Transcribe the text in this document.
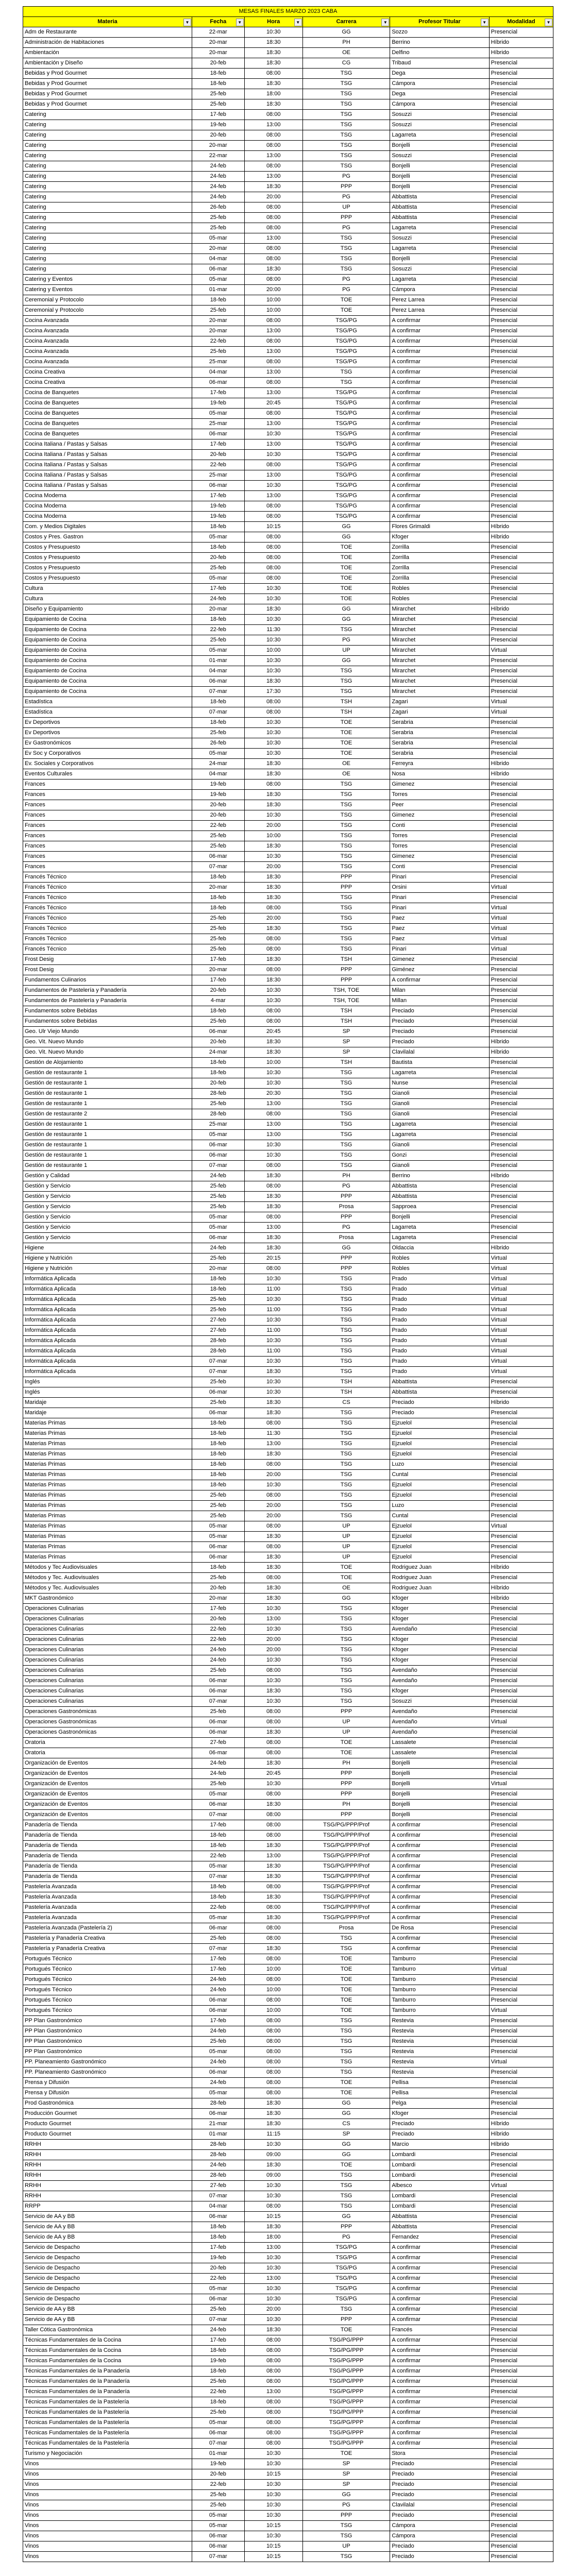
MESAS FINALES MARZO 2023 CABA					
Materia ▼	Fecha ▼	Hora ▼	Carrera ▼	Profesor Titular ▼	Modalidad ▼

Adm de Restaurante	22-mar	10:30	GG	Sozzo	Presencial
Administración de Habitaciones	20-mar	18:30	PH	Berrino	Híbrido
Ambientación	20-mar	18:30	OE	Delfino	Híbrido
Ambientación y Diseño	20-feb	18:30	CG	Tribaud	Presencial
Bebidas y Prod Gourmet	18-feb	08:00	TSG	Dega	Presencial
Bebidas y Prod Gourmet	18-feb	18:30	TSG	Cámpora	Presencial
Bebidas y Prod Gourmet	25-feb	18:00	TSG	Dega	Presencial
Bebidas y Prod Gourmet	25-feb	18:30	TSG	Cámpora	Presencial
Catering	17-feb	08:00	TSG	Sosuzzi	Presencial
Catering	19-feb	13:00	TSG	Sosuzzi	Presencial
Catering	20-feb	08:00	TSG	Lagarreta	Presencial
Catering	20-mar	08:00	TSG	Bonjelli	Presencial
Catering	22-mar	13:00	TSG	Sosuzzi	Presencial
Catering	24-feb	08:00	TSG	Bonjelli	Presencial
Catering	24-feb	13:00	PG	Bonjelli	Presencial
Catering	24-feb	18:30	PPP	Bonjelli	Presencial
Catering	24-feb	20:00	PG	Abbattista	Presencial
Catering	26-feb	08:00	UP	Abbattista	Presencial
Catering	25-feb	08:00	PPP	Abbattista	Presencial
Catering	25-feb	08:00	PG	Lagarreta	Presencial
Catering	05-mar	13:00	TSG	Sosuzzi	Presencial
Catering	20-mar	08:00	TSG	Lagarreta	Presencial
Catering	04-mar	08:00	TSG	Bonjelli	Presencial
Catering	06-mar	18:30	TSG	Sosuzzi	Presencial
Catering y Eventos	05-mar	08:00	PG	Lagarreta	Presencial
Catering y Eventos	01-mar	20:00	PG	Cámpora	Presencial
Ceremonial y Protocolo	18-feb	10:00	TOE	Perez Larrea	Presencial
Ceremonial y Protocolo	25-feb	10:00	TOE	Perez Larrea	Presencial
Cocina Avanzada	20-mar	08:00	TSG/PG	A confirmar	Presencial
Cocina Avanzada	20-mar	13:00	TSG/PG	A confirmar	Presencial
Cocina Avanzada	22-feb	08:00	TSG/PG	A confirmar	Presencial
Cocina Avanzada	25-feb	13:00	TSG/PG	A confirmar	Presencial
Cocina Avanzada	25-mar	08:00	TSG/PG	A confirmar	Presencial
Cocina Creativa	04-mar	13:00	TSG	A confirmar	Presencial
Cocina Creativa	06-mar	08:00	TSG	A confirmar	Presencial
Cocina de Banquetes	17-feb	13:00	TSG/PG	A confirmar	Presencial
Cocina de Banquetes	19-feb	20:45	TSG/PG	A confirmar	Presencial
Cocina de Banquetes	05-mar	08:00	TSG/PG	A confirmar	Presencial
Cocina de Banquetes	25-mar	13:00	TSG/PG	A confirmar	Presencial
Cocina de Banquetes	06-mar	10:30	TSG/PG	A confirmar	Presencial
Cocina Italiana / Pastas y Salsas	17-feb	13:00	TSG/PG	A confirmar	Presencial
Cocina Italiana / Pastas y Salsas	20-feb	10:30	TSG/PG	A confirmar	Presencial
Cocina Italiana / Pastas y Salsas	22-feb	08:00	TSG/PG	A confirmar	Presencial
Cocina Italiana / Pastas y Salsas	25-mar	13:00	TSG/PG	A confirmar	Presencial
Cocina Italiana / Pastas y Salsas	06-mar	10:30	TSG/PG	A confirmar	Presencial
Cocina Moderna	17-feb	13:00	TSG/PG	A confirmar	Presencial
Cocina Moderna	19-feb	08:00	TSG/PG	A confirmar	Presencial
Cocina Moderna	19-feb	08:00	TSG/PG	A confirmar	Presencial
Com. y Medios Digitales	18-feb	10:15	GG	Flores Grimaldi	Híbrido
Costos y Pres. Gastron	05-mar	08:00	GG	Kfoger	Híbrido
Costos y Presupuesto	18-feb	08:00	TOE	Zorrilla	Presencial
Costos y Presupuesto	20-feb	08:00	TOE	Zorrilla	Presencial
Costos y Presupuesto	25-feb	08:00	TOE	Zorrilla	Presencial
Costos y Presupuesto	05-mar	08:00	TOE	Zorrilla	Presencial
Cultura	17-feb	10:30	TOE	Robles	Presencial
Cultura	24-feb	10:30	TOE	Robles	Presencial
Diseño y Equipamiento	20-mar	18:30	GG	Mirarchet	Híbrido
Equipamiento de Cocina	18-feb	10:30	GG	Mirarchet	Presencial
Equipamiento de Cocina	22-feb	11:30	TSG	Mirarchet	Presencial
Equipamiento de Cocina	25-feb	10:30	PG	Mirarchet	Presencial
Equipamiento de Cocina	05-mar	10:00	UP	Mirarchet	Virtual
Equipamiento de Cocina	01-mar	10:30	GG	Mirarchet	Presencial
Equipamiento de Cocina	04-mar	10:30	TSG	Mirarchet	Presencial
Equipamiento de Cocina	06-mar	18:30	TSG	Mirarchet	Presencial
Equipamiento de Cocina	07-mar	17:30	TSG	Mirarchet	Presencial
Estadística	18-feb	08:00	TSH	Zagari	Virtual
Estadística	07-mar	08:00	TSH	Zagari	Virtual
Ev Deportivos	18-feb	10:30	TOE	Serabria	Presencial
Ev Deportivos	25-feb	10:30	TOE	Serabria	Presencial
Ev Gastronómicos	26-feb	10:30	TOE	Serabria	Presencial
Ev Soc y Corporativos	05-mar	10:30	TOE	Serabria	Presencial
Ev. Sociales y Corporativos	24-mar	18:30	OE	Ferreyra	Híbrido
Eventos Culturales	04-mar	18:30	OE	Nosa	Híbrido
Frances	19-feb	08:00	TSG	Gimenez	Presencial
Frances	19-feb	18:30	TSG	Torres	Presencial
Frances	20-feb	18:30	TSG	Peer	Presencial
Frances	20-feb	10:30	TSG	Gimenez	Presencial
Frances	22-feb	20:00	TSG	Conti	Presencial
Frances	25-feb	10:00	TSG	Torres	Presencial
Frances	25-feb	18:30	TSG	Torres	Presencial
Frances	06-mar	10:30	TSG	Gimenez	Presencial
Frances	07-mar	20:00	TSG	Conti	Presencial
Francés Técnico	18-feb	18:30	PPP	Pinari	Presencial
Francés Técnico	20-mar	18:30	PPP	Orsini	Virtual
Francés Técnico	18-feb	18:30	TSG	Pinari	Presencial
Francés Técnico	18-feb	08:00	TSG	Pinari	Virtual
Francés Técnico	25-feb	20:00	TSG	Paez	Virtual
Francés Técnico	25-feb	18:30	TSG	Paez	Virtual
Francés Técnico	25-feb	08:00	TSG	Paez	Virtual
Francés Técnico	25-feb	08:00	TSG	Pinari	Virtual
Frost Desig	17-feb	18:30	TSH	Gimenez	Presencial
Frost Desig	20-mar	08:00	PPP	Giménez	Presencial
Fundamentos Culinarios	17-feb	18:30	PPP	A confirmar	Presencial
Fundamentos de Pastelería y Panadería	20-feb	10:30	TSH, TOE	Milan	Presencial
Fundamentos de Pastelería y Panadería	4-mar	10:30	TSH, TOE	Millan	Presencial
Fundamentos sobre Bebidas	18-feb	08:00	TSH	Preciado	Presencial
Fundamentos sobre Bebidas	25-feb	08:00	TSH	Preciado	Presencial
Geo. Ulr Viejo Mundo	06-mar	20:45	SP	Preciado	Presencial
Geo. Vit. Nuevo Mundo	20-feb	18:30	SP	Preciado	Híbrido
Geo. Vit. Nuevo Mundo	24-mar	18:30	SP	Clavilalal	Híbrido
Gestión de Alojamiento	18-feb	10:00	TSH	Bautista	Presencial
Gestión de restaurante 1	18-feb	10:30	TSG	Lagarreta	Presencial
Gestión de restaurante 1	20-feb	10:30	TSG	Nunse	Presencial
Gestión de restaurante 1	28-feb	20:30	TSG	Gianoli	Presencial
Gestión de restaurante 1	25-feb	13:00	TSG	Gianoli	Presencial
Gestión de restaurante 2	28-feb	08:00	TSG	Gianoli	Presencial
Gestión de restaurante 1	25-mar	13:00	TSG	Lagarreta	Presencial
Gestión de restaurante 1	05-mar	13:00	TSG	Lagarreta	Presencial
Gestión de restaurante 1	06-mar	10:30	TSG	Gianoli	Presencial
Gestión de restaurante 1	06-mar	10:30	TSG	Gonzi	Presencial
Gestión de restaurante 1	07-mar	08:00	TSG	Gianoli	Presencial
Gestión y Calidad	24-feb	18:30	PH	Berrino	Híbrido
Gestión y Servicio	25-feb	08:00	PG	Abbattista	Presencial
Gestión y Servicio	25-feb	18:30	PPP	Abbattista	Presencial
Gestión y Servicio	25-feb	18:30	Prosa	Sapproea	Presencial
Gestión y Servicio	05-mar	08:00	PPP	Bonjelli	Presencial
Gestión y Servicio	05-mar	13:00	PG	Lagarreta	Presencial
Gestión y Servicio	06-mar	18:30	Prosa	Lagarreta	Presencial
Higiene	24-feb	18:30	GG	Oldaccia	Híbrido
Higiene y Nutrición	25-feb	20:15	PPP	Robles	Virtual
Higiene y Nutrición	20-mar	08:00	PPP	Robles	Virtual
Informática Aplicada	18-feb	10:30	TSG	Prado	Virtual
Informática Aplicada	18-feb	11:00	TSG	Prado	Virtual
Informática Aplicada	25-feb	10:30	TSG	Prado	Virtual
Informática Aplicada	25-feb	11:00	TSG	Prado	Virtual
Informática Aplicada	27-feb	10:30	TSG	Prado	Virtual
Informática Aplicada	27-feb	11:00	TSG	Prado	Virtual
Informática Aplicada	28-feb	10:30	TSG	Prado	Virtual
Informática Aplicada	28-feb	11:00	TSG	Prado	Virtual
Informática Aplicada	07-mar	10:30	TSG	Prado	Virtual
Informática Aplicada	07-mar	18:30	TSG	Prado	Virtual
Inglés	25-feb	10:30	TSH	Abbattista	Presencial
Inglés	06-mar	10:30	TSH	Abbattista	Presencial
Maridaje	25-feb	18:30	CS	Preciado	Híbrido
Maridaje	06-mar	18:30	TSG	Preciado	Presencial
Materias Primas	18-feb	08:00	TSG	Ejzuelol	Presencial
Materias Primas	18-feb	11:30	TSG	Ejzuelol	Presencial
Materias Primas	18-feb	13:00	TSG	Ejzuelol	Presencial
Materias Primas	18-feb	18:30	TSG	Ejzuelol	Presencial
Materias Primas	18-feb	08:00	TSG	Luzo	Presencial
Materias Primas	18-feb	20:00	TSG	Cuntal	Presencial
Materias Primas	18-feb	10:30	TSG	Ejzuelol	Presencial
Materias Primas	25-feb	08:00	TSG	Ejzuelol	Presencial
Materias Primas	25-feb	20:00	TSG	Luzo	Presencial
Materias Primas	25-feb	20:00	TSG	Cuntal	Presencial
Materias Primas	05-mar	08:00	UP	Ejzuelol	Virtual
Materias Primas	05-mar	18:30	UP	Ejzuelol	Presencial
Materias Primas	06-mar	08:00	UP	Ejzuelol	Presencial
Materias Primas	06-mar	18:30	UP	Ejzuelol	Presencial
Métodos y Tec Audiovisuales	18-feb	18:30	TOE	Rodriguez Juan	Híbrido
Métodos y Tec. Audiovisuales	25-feb	08:00	TOE	Rodriguez Juan	Presencial
Métodos y Tec. Audiovisuales	20-feb	18:30	OE	Rodriguez Juan	Híbrido
MKT Gastronómico	20-mar	18:30	GG	Kfoger	Híbrido
Operaciones Culinarias	17-feb	10:30	TSG	Kfoger	Presencial
Operaciones Culinarias	20-feb	13:00	TSG	Kfoger	Presencial
Operaciones Culinarias	22-feb	10:30	TSG	Avendaño	Presencial
Operaciones Culinarias	22-feb	20:00	TSG	Kfoger	Presencial
Operaciones Culinarias	24-feb	20:00	TSG	Kfoger	Presencial
Operaciones Culinarias	24-feb	10:30	TSG	Kfoger	Presencial
Operaciones Culinarias	25-feb	08:00	TSG	Avendaño	Presencial
Operaciones Culinarias	06-mar	10:30	TSG	Avendaño	Presencial
Operaciones Culinarias	06-mar	18:30	TSG	Kfoger	Presencial
Operaciones Culinarias	07-mar	10:30	TSG	Sosuzzi	Presencial
Operaciones Gastronómicas	25-feb	08:00	PPP	Avendaño	Presencial
Operaciones Gastronómicas	06-mar	08:00	UP	Avendaño	Virtual
Operaciones Gastronómicas	06-mar	18:30	UP	Avendaño	Presencial
Oratoria	27-feb	08:00	TOE	Lassalete	Presencial
Oratoria	06-mar	08:00	TOE	Lassalete	Presencial
Organización de Eventos	24-feb	18:30	PH	Bonjelli	Presencial
Organización de Eventos	24-feb	20:45	PPP	Bonjelli	Presencial
Organización de Eventos	25-feb	10:30	PPP	Bonjelli	Virtual
Organización de Eventos	05-mar	08:00	PPP	Bonjelli	Presencial
Organización de Eventos	06-mar	18:30	PH	Bonjelli	Presencial
Organización de Eventos	07-mar	08:00	PPP	Bonjelli	Presencial
Panadería de Tienda	17-feb	08:00	TSG/PG/PPP/Prof	A confirmar	Presencial
Panadería de Tienda	18-feb	08:00	TSG/PG/PPP/Prof	A confirmar	Presencial
Panadería de Tienda	18-feb	18:30	TSG/PG/PPP/Prof	A confirmar	Presencial
Panadería de Tienda	22-feb	13:00	TSG/PG/PPP/Prof	A confirmar	Presencial
Panadería de Tienda	05-mar	18:30	TSG/PG/PPP/Prof	A confirmar	Presencial
Panadería de Tienda	07-mar	18:30	TSG/PG/PPP/Prof	A confirmar	Presencial
Pastelería Avanzada	18-feb	08:00	TSG/PG/PPP/Prof	A confirmar	Presencial
Pastelería Avanzada	18-feb	18:30	TSG/PG/PPP/Prof	A confirmar	Presencial
Pastelería Avanzada	22-feb	08:00	TSG/PG/PPP/Prof	A confirmar	Presencial
Pastelería Avanzada	05-mar	18:30	TSG/PG/PPP/Prof	A confirmar	Presencial
Pastelería Avanzada (Pastelería 2)	06-mar	08:00	Prosa	De Rosa	Presencial
Pastelería y Panadería Creativa	25-feb	08:00	TSG	A confirmar	Presencial
Pastelería y Panadería Creativa	07-mar	18:30	TSG	A confirmar	Presencial
Portugués Técnico	17-feb	08:00	TOE	Tamburro	Presencial
Portugués Técnico	17-feb	10:00	TOE	Tamburro	Virtual
Portugués Técnico	24-feb	08:00	TOE	Tamburro	Presencial
Portugués Técnico	24-feb	10:00	TOE	Tamburro	Presencial
Portugués Técnico	06-mar	08:00	TOE	Tamburro	Presencial
Portugués Técnico	06-mar	10:00	TOE	Tamburro	Virtual
PP Plan Gastronómico	17-feb	08:00	TSG	Restevia	Presencial
PP Plan Gastronómico	24-feb	08:00	TSG	Restevia	Presencial
PP Plan Gastronómico	25-feb	08:00	TSG	Restevia	Presencial
PP Plan Gastronómico	05-mar	08:00	TSG	Restevia	Presencial
PP. Planeamiento Gastronómico	24-feb	08:00	TSG	Restevia	Virtual
PP. Planeamiento Gastronómico	06-mar	08:00	TSG	Restevia	Presencial
Prensa y Difusión	24-feb	08:00	TOE	Pellisa	Presencial
Prensa y Difusión	05-mar	08:00	TOE	Pellisa	Presencial
Prod Gastronómica	28-feb	18:30	GG	Pelga	Presencial
Producción Gourmet	06-mar	18:30	GG	Kfoger	Presencial
Producto Gourmet	21-mar	18:30	CS	Preciado	Híbrido
Producto Gourmet	01-mar	11:15	SP	Preciado	Híbrido
RRHH	28-feb	10:30	GG	Marcio	Híbrido
RRHH	28-feb	09:00	GG	Lombardi	Presencial
RRHH	24-feb	18:30	TOE	Lombardi	Presencial
RRHH	28-feb	09:00	TSG	Lombardi	Presencial
RRHH	27-feb	10:30	TSG	Albesco	Virtual
RRHH	07-mar	10:30	TSG	Lombardi	Presencial
RRPP	04-mar	08:00	TSG	Lombardi	Presencial
Servicio de AA y BB	06-mar	10:15	GG	Abbattista	Presencial
Servicio de AA y BB	18-feb	18:30	PPP	Abbattista	Presencial
Servicio de AA y BB	18-feb	18:00	PG	Fernandez	Presencial
Servicio de Despacho	17-feb	13:00	TSG/PG	A confirmar	Presencial
Servicio de Despacho	19-feb	10:30	TSG/PG	A confirmar	Presencial
Servicio de Despacho	20-feb	10:30	TSG/PG	A confirmar	Presencial
Servicio de Despacho	22-feb	13:00	TSG/PG	A confirmar	Presencial
Servicio de Despacho	05-mar	10:30	TSG/PG	A confirmar	Presencial
Servicio de Despacho	06-mar	10:30	TSG/PG	A confirmar	Presencial
Servicio de AA y BB	25-feb	20:00	TSG	A confirmar	Presencial
Servicio de AA y BB	07-mar	10:30	PPP	A confirmar	Presencial
Taller Cótica Gastronómica	24-feb	18:30	TOE	Francés	Presencial
Técnicas Fundamentales de la Cocina	17-feb	08:00	TSG/PG/PPP	A confirmar	Presencial
Técnicas Fundamentales de la Cocina	18-feb	08:00	TSG/PG/PPP	A confirmar	Presencial
Técnicas Fundamentales de la Cocina	19-feb	08:00	TSG/PG/PPP	A confirmar	Presencial
Técnicas Fundamentales de la Panadería	18-feb	08:00	TSG/PG/PPP	A confirmar	Presencial
Técnicas Fundamentales de la Panadería	25-feb	08:00	TSG/PG/PPP	A confirmar	Presencial
Técnicas Fundamentales de la Panadería	22-feb	13:00	TSG/PG/PPP	A confirmar	Presencial
Técnicas Fundamentales de la Pastelería	18-feb	08:00	TSG/PG/PPP	A confirmar	Presencial
Técnicas Fundamentales de la Pastelería	25-feb	08:00	TSG/PG/PPP	A confirmar	Presencial
Técnicas Fundamentales de la Pastelería	05-mar	08:00	TSG/PG/PPP	A confirmar	Presencial
Técnicas Fundamentales de la Pastelería	06-mar	08:00	TSG/PG/PPP	A confirmar	Presencial
Técnicas Fundamentales de la Pastelería	07-mar	08:00	TSG/PG/PPP	A confirmar	Presencial
Turismo y Negociación	01-mar	10:30	TOE	Stora	Presencial
Vinos	19-feb	10:30	SP	Preciado	Presencial
Vinos	20-feb	10:15	SP	Preciado	Presencial
Vinos	22-feb	10:30	SP	Preciado	Presencial
Vinos	25-feb	10:30	GG	Preciado	Presencial
Vinos	25-feb	10:30	PG	Clavilalal	Presencial
Vinos	05-mar	10:30	PPP	Preciado	Presencial
Vinos	05-mar	10:15	TSG	Cámpora	Presencial
Vinos	06-mar	10:30	TSG	Cámpora	Presencial
Vinos	06-mar	10:15	UP	Preciado	Presencial
Vinos	07-mar	10:15	TSG	Preciado	Presencial
